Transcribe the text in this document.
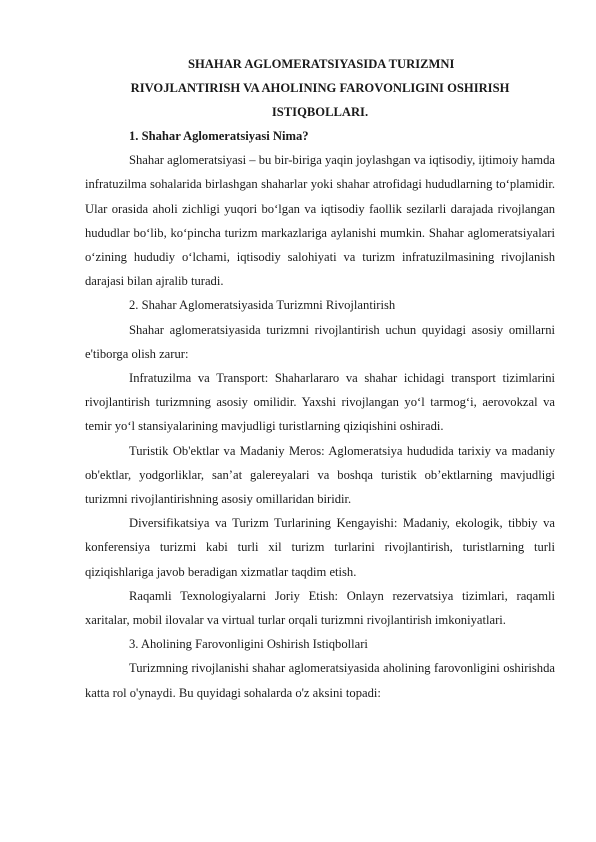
SHAHAR AGLOMERATSIYASIDA TURIZMNI
RIVOJLANTIRISH VA AHOLINING FAROVONLIGINI OSHIRISH
ISTIQBOLLARI.

1. Shahar Aglomeratsiyasi Nima?

Shahar aglomeratsiyasi – bu bir-biriga yaqin joylashgan va iqtisodiy, ijtimoiy hamda infratuzilma sohalarida birlashgan shaharlar yoki shahar atrofidagi hududlarning to‘plamidir. Ular orasida aholi zichligi yuqori bo‘lgan va iqtisodiy faollik sezilarli darajada rivojlangan hududlar bo‘lib, ko‘pincha turizm markazlariga aylanishi mumkin. Shahar aglomeratsiyalari o‘zining hududiy o‘lchami, iqtisodiy salohiyati va turizm infratuzilmasining rivojlanish darajasi bilan ajralib turadi.

2. Shahar Aglomeratsiyasida Turizmni Rivojlantirish

Shahar aglomeratsiyasida turizmni rivojlantirish uchun quyidagi asosiy omillarni e'tiborga olish zarur:

Infratuzilma va Transport: Shaharlararo va shahar ichidagi transport tizimlarini rivojlantirish turizmning asosiy omilidir. Yaxshi rivojlangan yo‘l tarmog‘i, aerovokzal va temir yo‘l stansiyalarining mavjudligi turistlarning qiziqishini oshiradi.

Turistik Ob'ektlar va Madaniy Meros: Aglomeratsiya hududida tarixiy va madaniy ob'ektlar, yodgorliklar, san’at galereyalari va boshqa turistik ob’ektlarning mavjudligi turizmni rivojlantirishning asosiy omillaridan biridir.

Diversifikatsiya va Turizm Turlarining Kengayishi: Madaniy, ekologik, tibbiy va konferensiya turizmi kabi turli xil turizm turlarini rivojlantirish, turistlarning turli qiziqishlariga javob beradigan xizmatlar taqdim etish.

Raqamli Texnologiyalarni Joriy Etish: Onlayn rezervatsiya tizimlari, raqamli xaritalar, mobil ilovalar va virtual turlar orqali turizmni rivojlantirish imkoniyatlari.

3. Aholining Farovonligini Oshirish Istiqbollari

Turizmning rivojlanishi shahar aglomeratsiyasida aholining farovonligini oshirishda katta rol o'ynaydi. Bu quyidagi sohalarda o'z aksini topadi:
